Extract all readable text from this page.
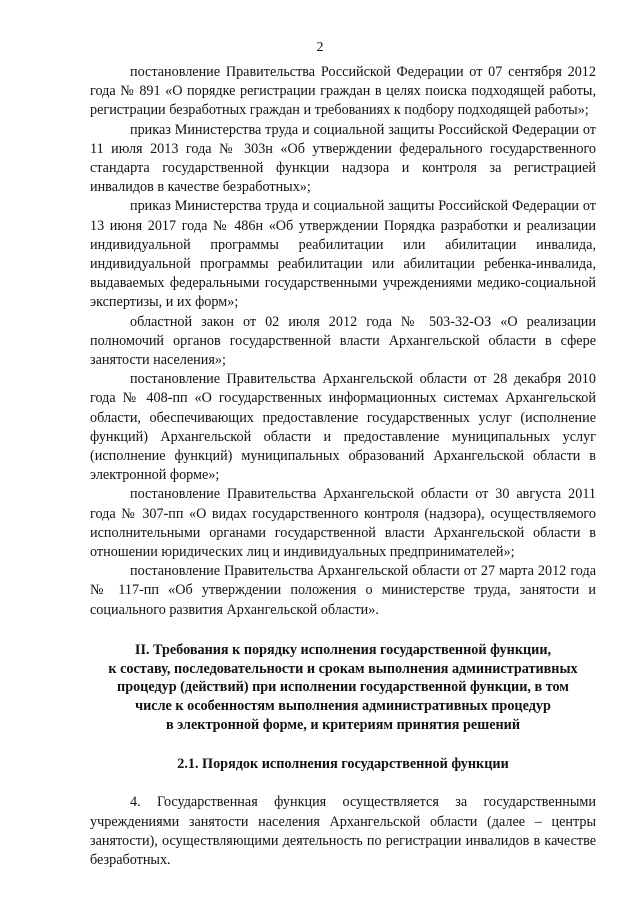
2

постановление Правительства Российской Федерации от 07 сентября 2012 года № 891 «О порядке регистрации граждан в целях поиска подходящей работы, регистрации безработных граждан и требованиях к подбору подходящей работы»;

приказ Министерства труда и социальной защиты Российской Федерации от 11 июля 2013 года № 303н «Об утверждении федерального государственного стандарта государственной функции надзора и контроля за регистрацией инвалидов в качестве безработных»;

приказ Министерства труда и социальной защиты Российской Федерации от 13 июня 2017 года № 486н «Об утверждении Порядка разработки и реализации индивидуальной программы реабилитации или абилитации инвалида, индивидуальной программы реабилитации или абилитации ребенка-инвалида, выдаваемых федеральными государственными учреждениями медико-социальной экспертизы, и их форм»;

областной закон от 02 июля 2012 года № 503-32-ОЗ «О реализации полномочий органов государственной власти Архангельской области в сфере занятости населения»;

постановление Правительства Архангельской области от 28 декабря 2010 года № 408-пп «О государственных информационных системах Архангельской области, обеспечивающих предоставление государственных услуг (исполнение функций) Архангельской области и предоставление муниципальных услуг (исполнение функций) муниципальных образований Архангельской области в электронной форме»;

постановление Правительства Архангельской области от 30 августа 2011 года № 307-пп «О видах государственного контроля (надзора), осуществляемого исполнительными органами государственной власти Архангельской области в отношении юридических лиц и индивидуальных предпринимателей»;

постановление Правительства Архангельской области от 27 марта 2012 года № 117-пп «Об утверждении положения о министерстве труда, занятости и социального развития Архангельской области».

II. Требования к порядку исполнения государственной функции,
к составу, последовательности и срокам выполнения административных
процедур (действий) при исполнении государственной функции, в том
числе к особенностям выполнения административных процедур
в электронной форме, и критериям принятия решений
2.1. Порядок исполнения государственной функции

4. Государственная функция осуществляется за государственными учреждениями занятости населения Архангельской области (далее – центры занятости), осуществляющими деятельность по регистрации инвалидов в качестве безработных.
